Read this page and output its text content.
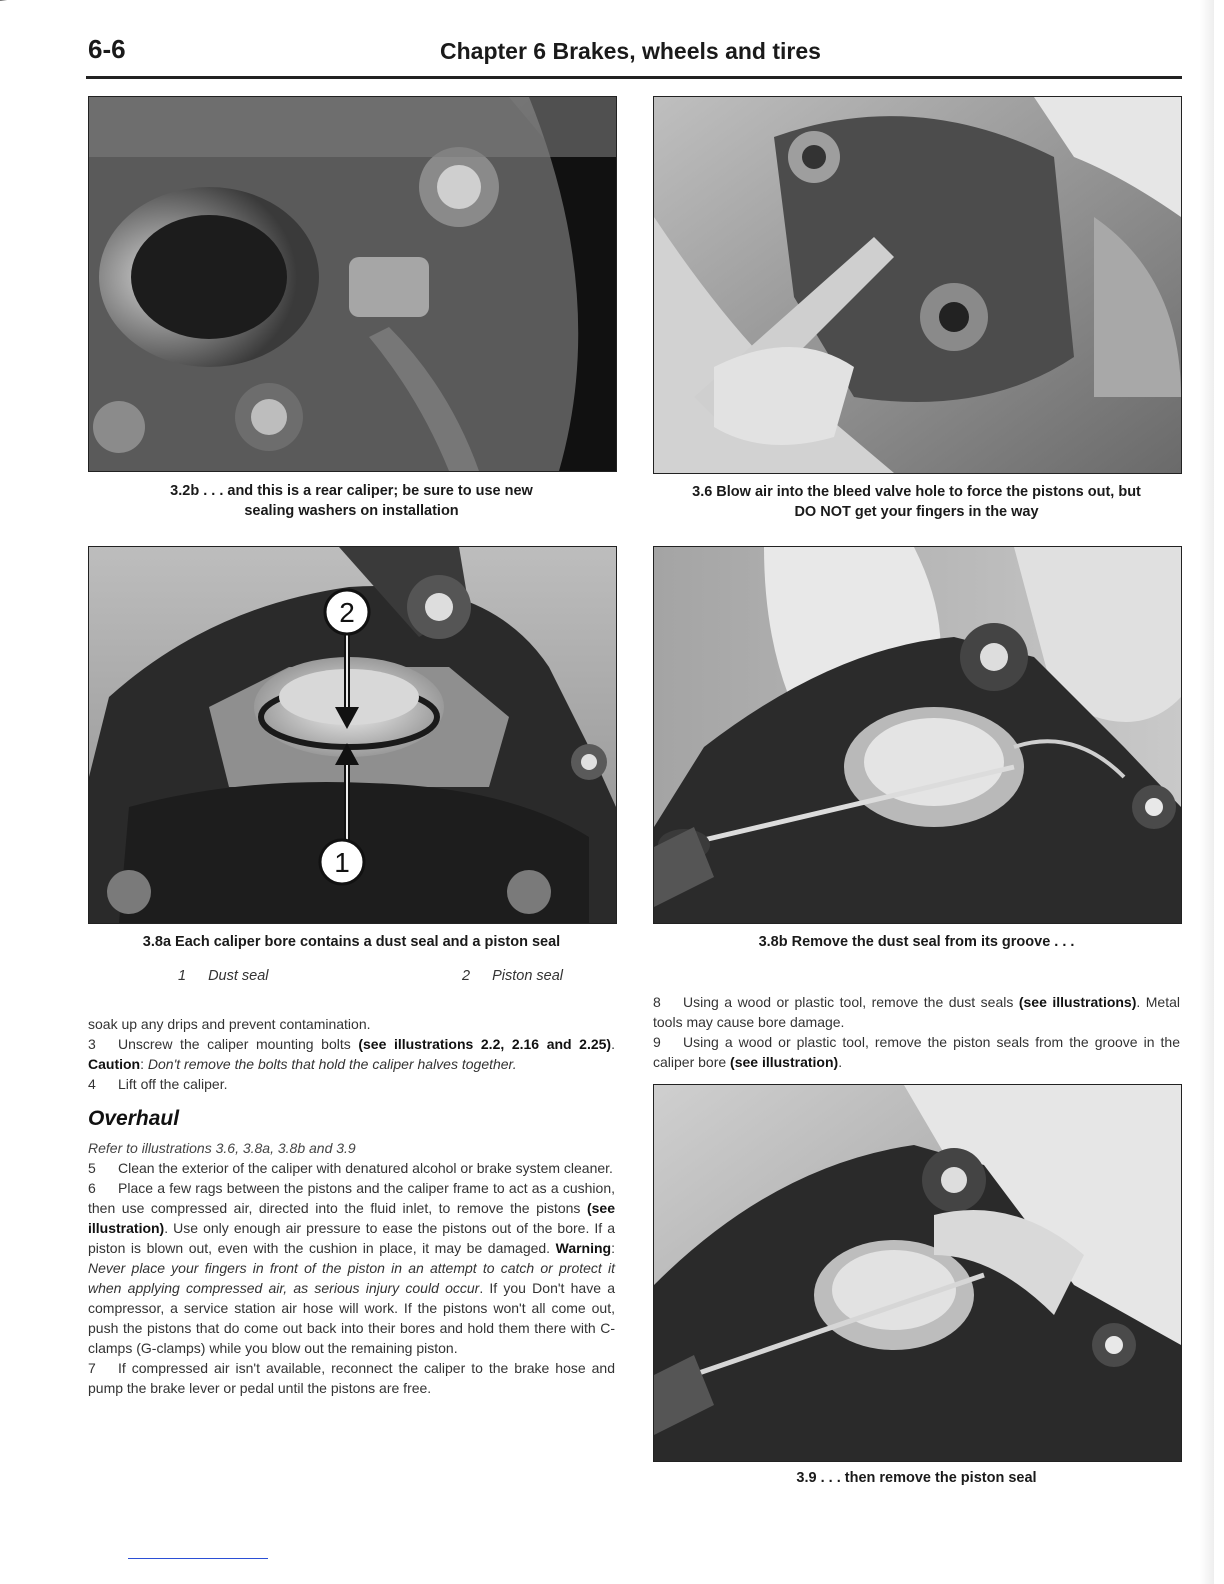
6-6	Chapter 6 Brakes, wheels and tires
3.2b . . . and this is a rear caliper; be sure to use new
sealing washers on installation
3.6 Blow air into the bleed valve hole to force the pistons out, but
DO NOT get your fingers in the way
2
1
3.8a Each caliper bore contains a dust seal and a piston seal
1 Dust seal	2 Piston seal
3.8b Remove the dust seal from its groove . . .
3.9 . . . then remove the piston seal

soak up any drips and prevent contamination.

3 Unscrew the caliper mounting bolts (see illustrations 2.2, 2.16 and 2.25). Caution: Don't remove the bolts that hold the caliper halves together.

4 Lift off the caliper.

Overhaul

Refer to illustrations 3.6, 3.8a, 3.8b and 3.9

5 Clean the exterior of the caliper with denatured alcohol or brake system cleaner.

6 Place a few rags between the pistons and the caliper frame to act as a cushion, then use compressed air, directed into the fluid inlet, to remove the pistons (see illustration). Use only enough air pressure to ease the pistons out of the bore. If a piston is blown out, even with the cushion in place, it may be damaged. Warning: Never place your fingers in front of the piston in an attempt to catch or protect it when applying compressed air, as serious injury could occur. If you Don't have a compressor, a service station air hose will work. If the pistons won't all come out, push the pistons that do come out back into their bores and hold them there with C-clamps (G-clamps) while you blow out the remaining piston.

7 If compressed air isn't available, reconnect the caliper to the brake hose and pump the brake lever or pedal until the pistons are free.

8 Using a wood or plastic tool, remove the dust seals (see illustrations). Metal tools may cause bore damage.

9 Using a wood or plastic tool, remove the piston seals from the groove in the caliper bore (see illustration).
